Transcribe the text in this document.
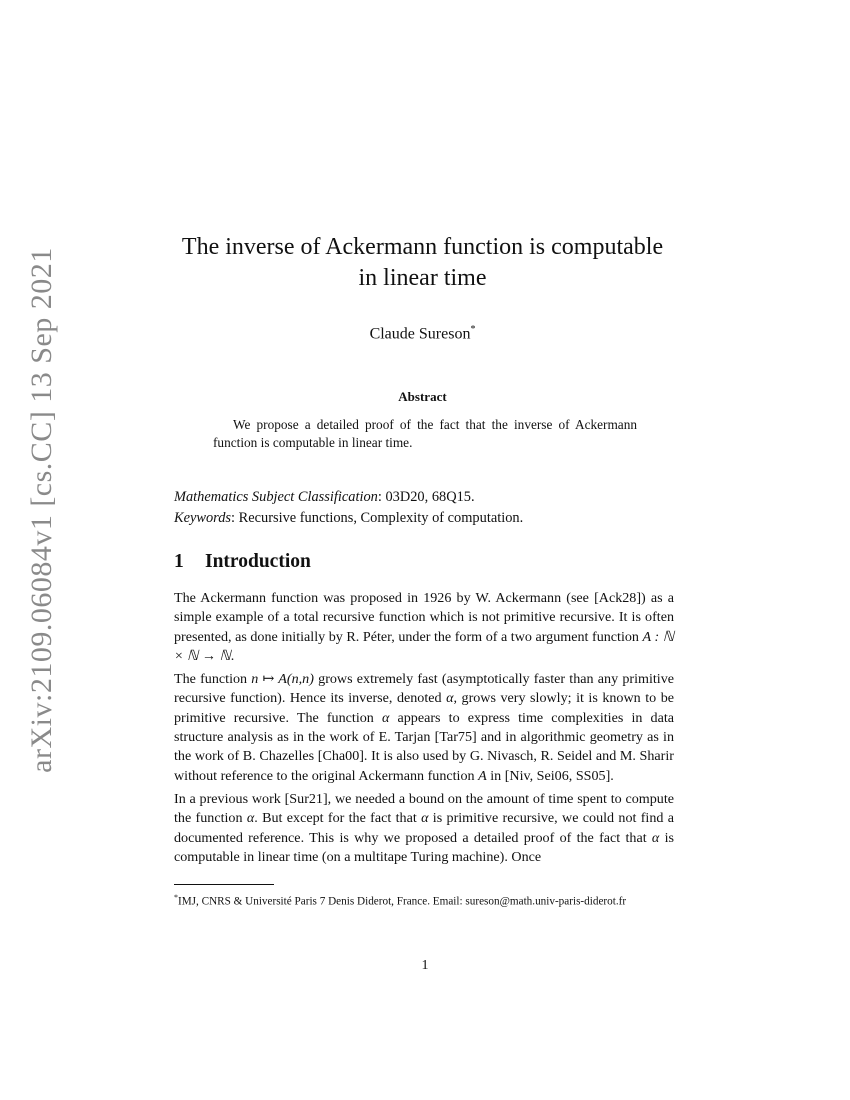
arXiv:2109.06084v1 [cs.CC] 13 Sep 2021
The inverse of Ackermann function is computable
in linear time
Claude Sureson*
Abstract
We propose a detailed proof of the fact that the inverse of Ackermann function is computable in linear time.
Mathematics Subject Classification: 03D20, 68Q15.
Keywords: Recursive functions, Complexity of computation.
1 Introduction

The Ackermann function was proposed in 1926 by W. Ackermann (see [Ack28]) as a simple example of a total recursive function which is not primitive recursive. It is often presented, as done initially by R. Péter, under the form of a two argument function A : ℕ × ℕ → ℕ.

The function n ↦ A(n,n) grows extremely fast (asymptotically faster than any primitive recursive function). Hence its inverse, denoted α, grows very slowly; it is known to be primitive recursive. The function α appears to express time complexities in data structure analysis as in the work of E. Tarjan [Tar75] and in algorithmic geometry as in the work of B. Chazelles [Cha00]. It is also used by G. Nivasch, R. Seidel and M. Sharir without reference to the original Ackermann function A in [Niv, Sei06, SS05].

In a previous work [Sur21], we needed a bound on the amount of time spent to compute the function α. But except for the fact that α is primitive recursive, we could not find a documented reference. This is why we proposed a detailed proof of the fact that α is computable in linear time (on a multitape Turing machine). Once

*IMJ, CNRS & Université Paris 7 Denis Diderot, France. Email: sureson@math.univ-paris-diderot.fr
1
